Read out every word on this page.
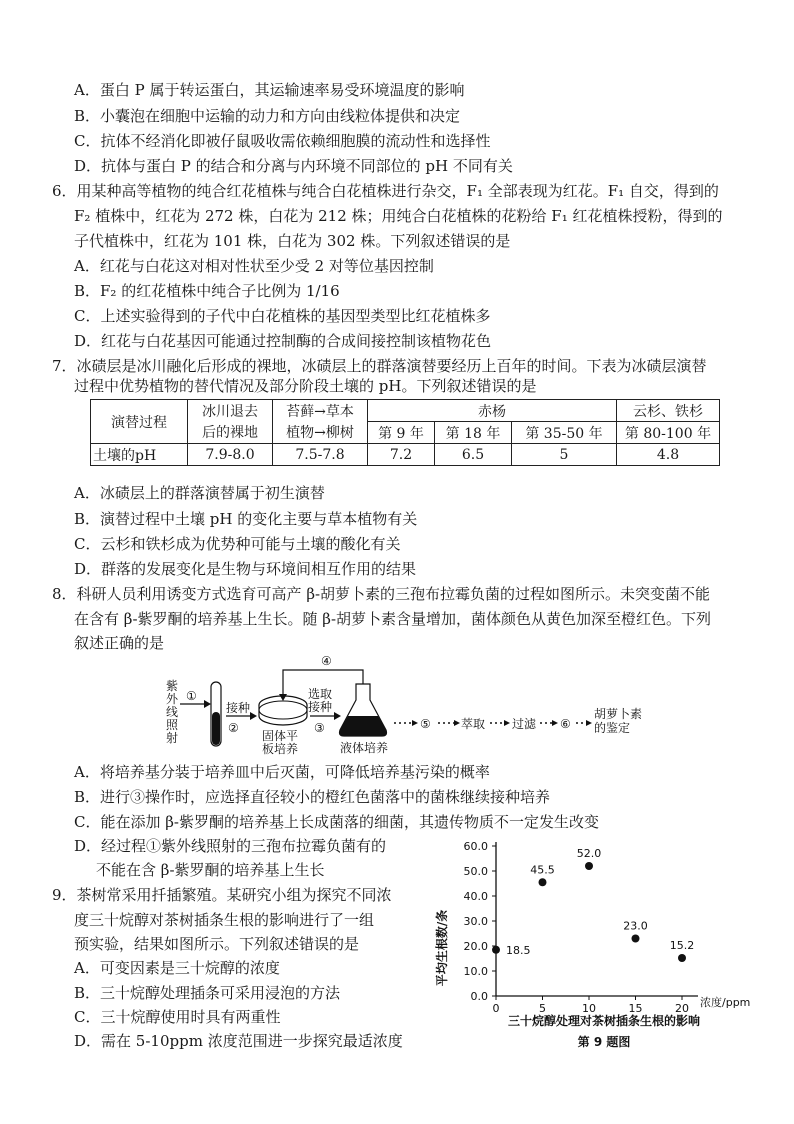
A．蛋白 P 属于转运蛋白，其运输速率易受环境温度的影响
B．小囊泡在细胞中运输的动力和方向由线粒体提供和决定
C．抗体不经消化即被仔鼠吸收需依赖细胞膜的流动性和选择性
D．抗体与蛋白 P 的结合和分离与内环境不同部位的 pH 不同有关
6．用某种高等植物的纯合红花植株与纯合白花植株进行杂交，F₁ 全部表现为红花。F₁ 自交，得到的
F₂ 植株中，红花为 272 株，白花为 212 株；用纯合白花植株的花粉给 F₁ 红花植株授粉，得到的
子代植株中，红花为 101 株，白花为 302 株。下列叙述错误的是
A．红花与白花这对相对性状至少受 2 对等位基因控制
B．F₂ 的红花植株中纯合子比例为 1/16
C．上述实验得到的子代中白花植株的基因型类型比红花植株多
D．红花与白花基因可能通过控制酶的合成间接控制该植物花色
7．冰碛层是冰川融化后形成的裸地，冰碛层上的群落演替要经历上百年的时间。下表为冰碛层演替
过程中优势植物的替代情况及部分阶段土壤的 pH。下列叙述错误的是
演替过程	冰川退去	苔藓→草本	赤杨			云杉、铁杉
	后的裸地	植物→柳树	第 9 年	第 18 年	第 35-50 年	第 80-100 年
土壤的pH	7.9-8.0	7.5-7.8	7.2	6.5	5	4.8
A．冰碛层上的群落演替属于初生演替
B．演替过程中土壤 pH 的变化主要与草本植物有关
C．云杉和铁杉成为优势种可能与土壤的酸化有关
D．群落的发展变化是生物与环境间相互作用的结果
8．科研人员利用诱变方式选育可高产 β-胡萝卜素的三孢布拉霉负菌的过程如图所示。未突变菌不能
在含有 β-紫罗酮的培养基上生长。随 β-胡萝卜素含量增加，菌体颜色从黄色加深至橙红色。下列
叙述正确的是
紫
外
线
照
射
①
接种
②
固体平
板培养
④
选取
接种
③
液体培养
⑤	萃取 过滤 ⑥
胡萝卜素
的鉴定
A．将培养基分装于培养皿中后灭菌，可降低培养基污染的概率
B．进行③操作时，应选择直径较小的橙红色菌落中的菌株继续接种培养
C．能在添加 β-紫罗酮的培养基上长成菌落的细菌，其遗传物质不一定发生改变
D．经过程①紫外线照射的三孢布拉霉负菌有的
不能在含 β-紫罗酮的培养基上生长
9．茶树常采用扦插繁殖。某研究小组为探究不同浓
度三十烷醇对茶树插条生根的影响进行了一组
预实验，结果如图所示。下列叙述错误的是
A．可变因素是三十烷醇的浓度
B．三十烷醇处理插条可采用浸泡的方法
C．三十烷醇使用时具有两重性
D．需在 5-10ppm 浓度范围进一步探究最适浓度
0.0
10.0
20.0
30.0
40.0
50.0
60.0
0	5	10	15	20
18.5
45.5
52.0
23.0
15.2
平均生根数/条
浓度/ppm
三十烷醇处理对茶树插条生根的影响
第 9 题图
